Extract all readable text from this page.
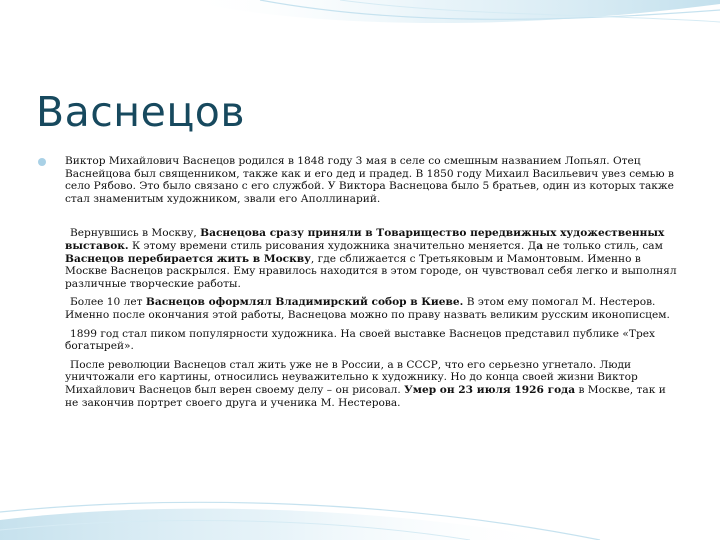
Васнецов

Виктор Михайлович Васнецов родился в 1848 году 3 мая в селе со смешным названием Лопьял. Отец Васнейцова был священником, также как и его дед и прадед. В 1850 году Михаил Васильевич увез семью в село Рябово. Это было связано с его службой. У Виктора Васнецова было 5 братьев, один из которых также стал знаменитым художником, звали его Аполлинарий.

Вернувшись в Москву, Васнецова сразу приняли в Товарищество передвижных художественных выставок. К этому времени стиль рисования художника значительно меняется. Да не только стиль, сам Васнецов перебирается жить в Москву, где сближается с Третьяковым и Мамонтовым. Именно в Москве Васнецов раскрылся. Ему нравилось находится в этом городе, он чувствовал себя легко и выполнял различные творческие работы.

Более 10 лет Васнецов оформлял Владимирский собор в Киеве. В этом ему помогал М. Нестеров. Именно после окончания этой работы, Васнецова можно по праву назвать великим русским иконописцем.

1899 год стал пиком популярности художника. На своей выставке Васнецов представил публике «Трех богатырей».

После революции Васнецов стал жить уже не в России, а в СССР, что его серьезно угнетало. Люди уничтожали его картины, относились неуважительно к художнику. Но до конца своей жизни Виктор Михайлович Васнецов был верен своему делу – он рисовал. Умер он 23 июля 1926 года в Москве, так и не закончив портрет своего друга и ученика М. Нестерова.
